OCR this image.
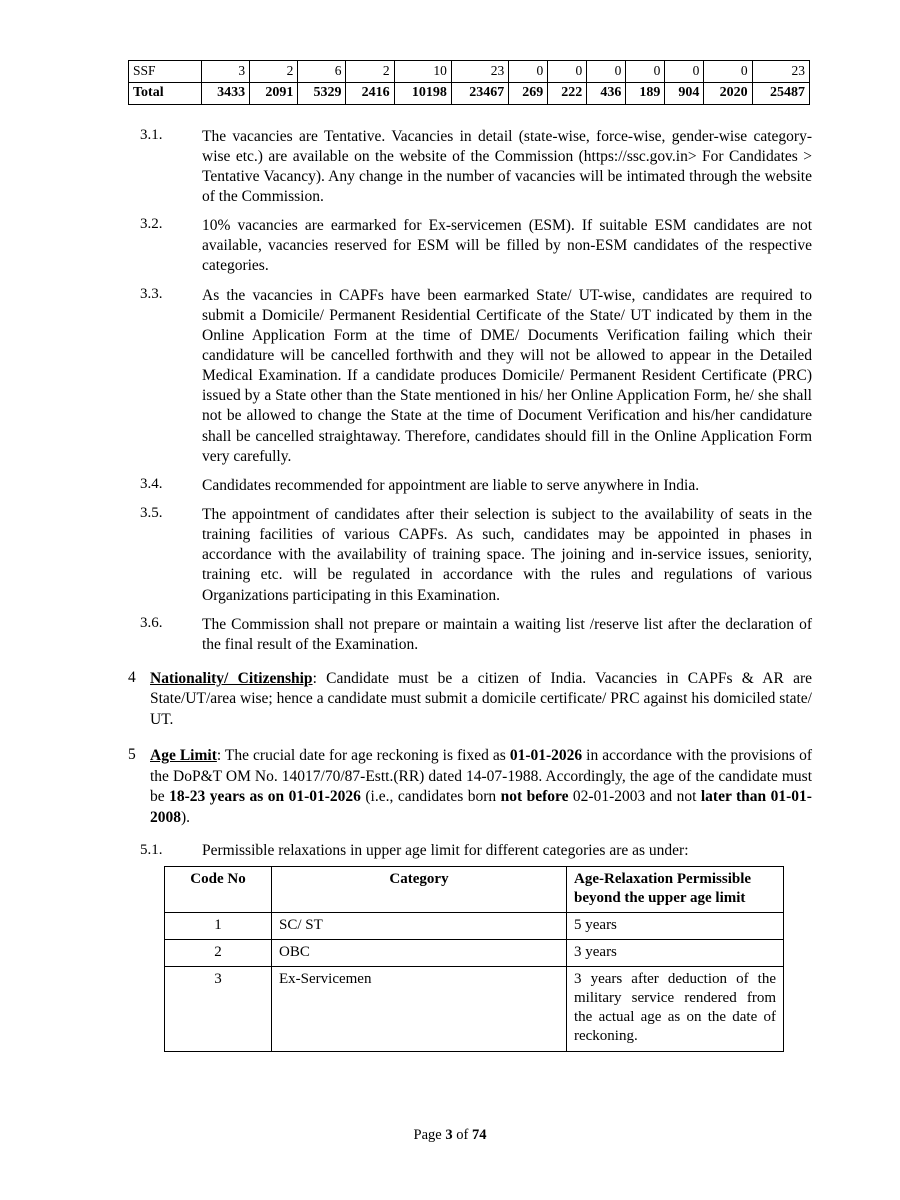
SSF	3	2	6	2	10	23	0	0	0	0	0	0	23
Total	3433	2091	5329	2416	10198	23467	269	222	436	189	904	2020	25487
3.1.	The vacancies are Tentative. Vacancies in detail (state-wise, force-wise, gender-wise category-wise etc.) are available on the website of the Commission (https://ssc.gov.in> For Candidates > Tentative Vacancy). Any change in the number of vacancies will be intimated through the website of the Commission.
3.2.	10% vacancies are earmarked for Ex-servicemen (ESM). If suitable ESM candidates are not available, vacancies reserved for ESM will be filled by non-ESM candidates of the respective categories.
3.3.	As the vacancies in CAPFs have been earmarked State/ UT-wise, candidates are required to submit a Domicile/ Permanent Residential Certificate of the State/ UT indicated by them in the Online Application Form at the time of DME/ Documents Verification failing which their candidature will be cancelled forthwith and they will not be allowed to appear in the Detailed Medical Examination. If a candidate produces Domicile/ Permanent Resident Certificate (PRC) issued by a State other than the State mentioned in his/ her Online Application Form, he/ she shall not be allowed to change the State at the time of Document Verification and his/her candidature shall be cancelled straightaway. Therefore, candidates should fill in the Online Application Form very carefully.
3.4.	Candidates recommended for appointment are liable to serve anywhere in India.
3.5.	The appointment of candidates after their selection is subject to the availability of seats in the training facilities of various CAPFs. As such, candidates may be appointed in phases in accordance with the availability of training space. The joining and in-service issues, seniority, training etc. will be regulated in accordance with the rules and regulations of various Organizations participating in this Examination.
3.6.	The Commission shall not prepare or maintain a waiting list /reserve list after the declaration of the final result of the Examination.
4 Nationality/ Citizenship: Candidate must be a citizen of India. Vacancies in CAPFs & AR are State/UT/area wise; hence a candidate must submit a domicile certificate/ PRC against his domiciled state/ UT.
5 Age Limit: The crucial date for age reckoning is fixed as 01-01-2026 in accordance with the provisions of the DoP&T OM No. 14017/70/87-Estt.(RR) dated 14-07-1988. Accordingly, the age of the candidate must be 18-23 years as on 01-01-2026 (i.e., candidates born not before 02-01-2003 and not later than 01-01-2008).
5.1.	Permissible relaxations in upper age limit for different categories are as under:
Code No	Category	Age-Relaxation Permissible beyond the upper age limit
1	SC/ ST	5 years
2	OBC	3 years
3	Ex-Servicemen	3 years after deduction of the military service rendered from the actual age as on the date of reckoning.
Page 3 of 74
